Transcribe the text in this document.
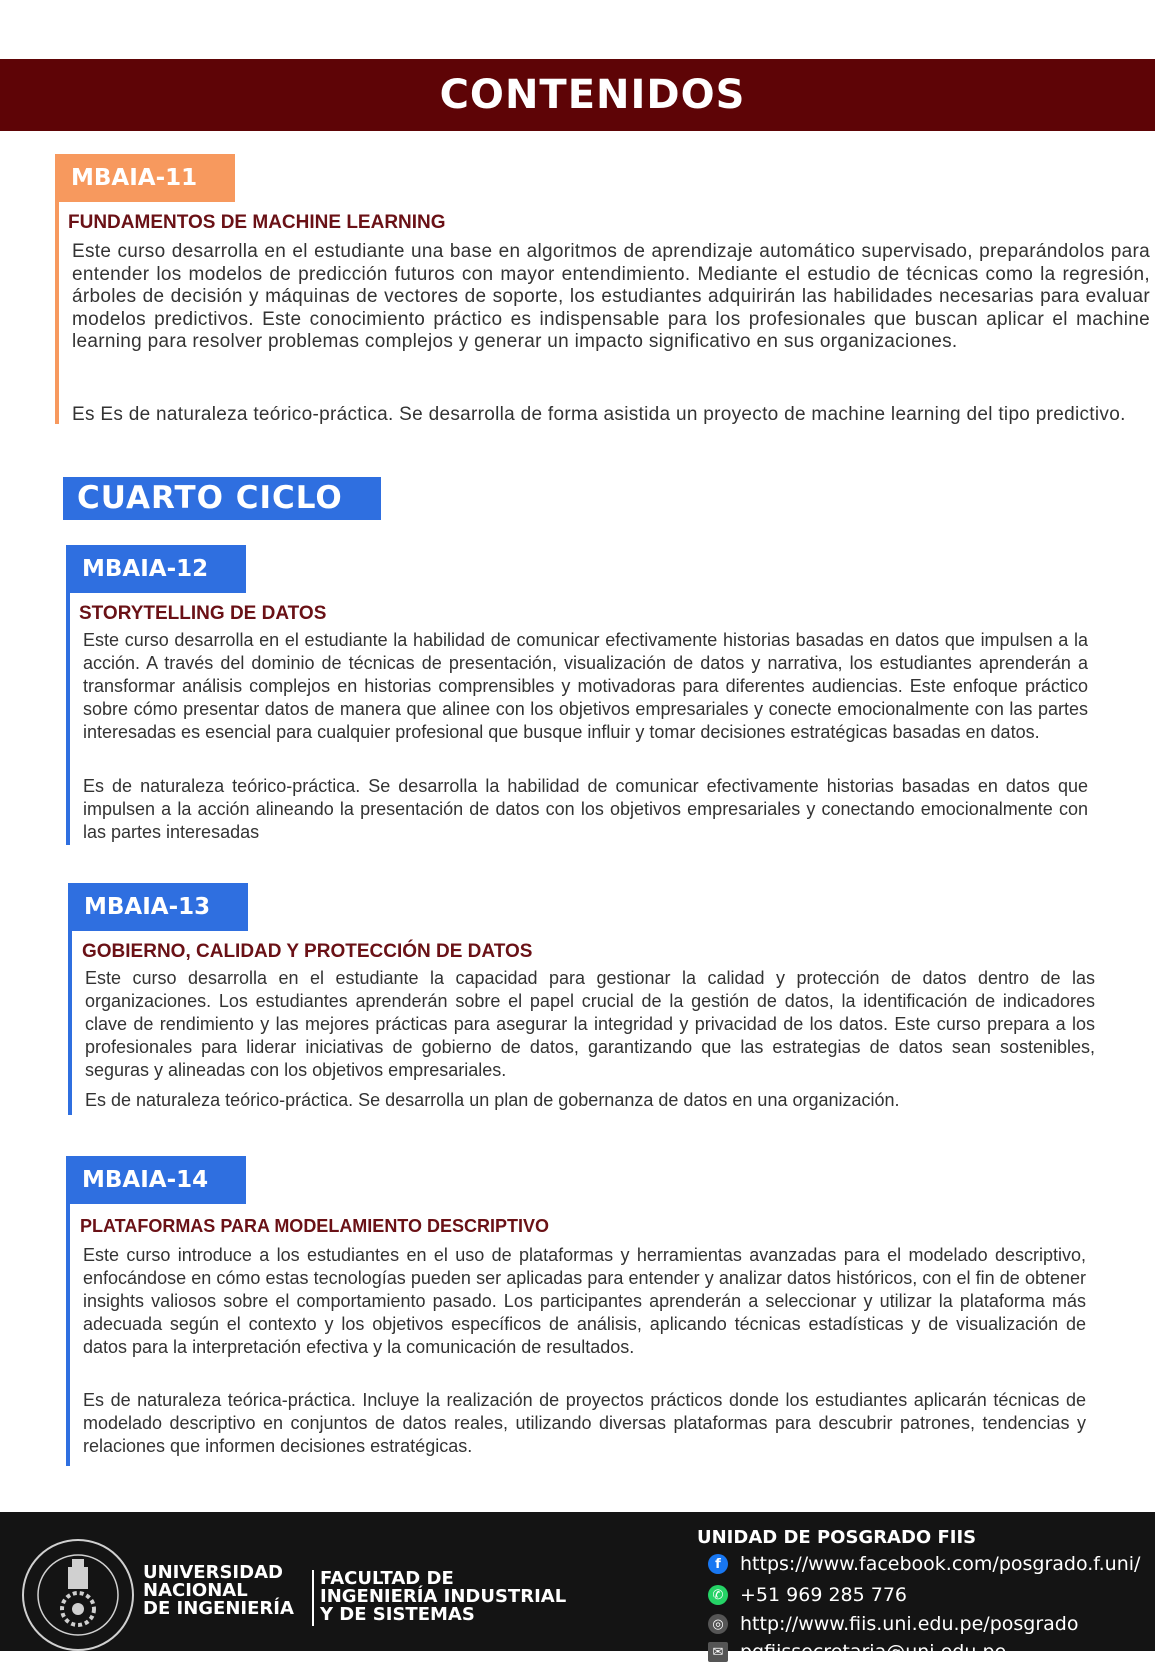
CONTENIDOS
MBAIA-11
FUNDAMENTOS DE MACHINE LEARNING

Este curso desarrolla en el estudiante una base en algoritmos de aprendizaje automático supervisado, preparándolos para entender los modelos de predicción futuros con mayor entendimiento. Mediante el estudio de técnicas como la regresión, árboles de decisión y máquinas de vectores de soporte, los estudiantes adquirirán las habilidades necesarias para evaluar modelos predictivos. Este conocimiento práctico es indispensable para los profesionales que buscan aplicar el machine learning para resolver problemas complejos y generar un impacto significativo en sus organizaciones.

Es Es de naturaleza teórico-práctica. Se desarrolla de forma asistida un proyecto de machine learning del tipo predictivo.

CUARTO CICLO
MBAIA-12
STORYTELLING DE DATOS

Este curso desarrolla en el estudiante la habilidad de comunicar efectivamente historias basadas en datos que impulsen a la acción. A través del dominio de técnicas de presentación, visualización de datos y narrativa, los estudiantes aprenderán a transformar análisis complejos en historias comprensibles y motivadoras para diferentes audiencias. Este enfoque práctico sobre cómo presentar datos de manera que alinee con los objetivos empresariales y conecte emocionalmente con las partes interesadas es esencial para cualquier profesional que busque influir y tomar decisiones estratégicas basadas en datos.

Es de naturaleza teórico-práctica. Se desarrolla la habilidad de comunicar efectivamente historias basadas en datos que impulsen a la acción alineando la presentación de datos con los objetivos empresariales y conectando emocionalmente con las partes interesadas

MBAIA-13
GOBIERNO, CALIDAD Y PROTECCIÓN DE DATOS

Este curso desarrolla en el estudiante la capacidad para gestionar la calidad y protección de datos dentro de las organizaciones. Los estudiantes aprenderán sobre el papel crucial de la gestión de datos, la identificación de indicadores clave de rendimiento y las mejores prácticas para asegurar la integridad y privacidad de los datos. Este curso prepara a los profesionales para liderar iniciativas de gobierno de datos, garantizando que las estrategias de datos sean sostenibles, seguras y alineadas con los objetivos empresariales.

Es de naturaleza teórico-práctica. Se desarrolla un plan de gobernanza de datos en una organización.

MBAIA-14
PLATAFORMAS PARA MODELAMIENTO DESCRIPTIVO

Este curso introduce a los estudiantes en el uso de plataformas y herramientas avanzadas para el modelado descriptivo, enfocándose en cómo estas tecnologías pueden ser aplicadas para entender y analizar datos históricos, con el fin de obtener insights valiosos sobre el comportamiento pasado. Los participantes aprenderán a seleccionar y utilizar la plataforma más adecuada según el contexto y los objetivos específicos de análisis, aplicando técnicas estadísticas y de visualización de datos para la interpretación efectiva y la comunicación de resultados.

Es de naturaleza teórica-práctica. Incluye la realización de proyectos prácticos donde los estudiantes aplicarán técnicas de modelado descriptivo en conjuntos de datos reales, utilizando diversas plataformas para descubrir patrones, tendencias y relaciones que informen decisiones estratégicas.

UNIVERSIDAD
NACIONAL
DE INGENIERÍA
FACULTAD DE
INGENIERÍA INDUSTRIAL
Y DE SISTEMAS
UNIDAD DE POSGRADO FIIS
f	https://www.facebook.com/posgrado.f.uni/
✆ +51 969 285 776
◎ http://www.fiis.uni.edu.pe/posgrado
✉ pgfiissecretaria@uni.edu.pe
